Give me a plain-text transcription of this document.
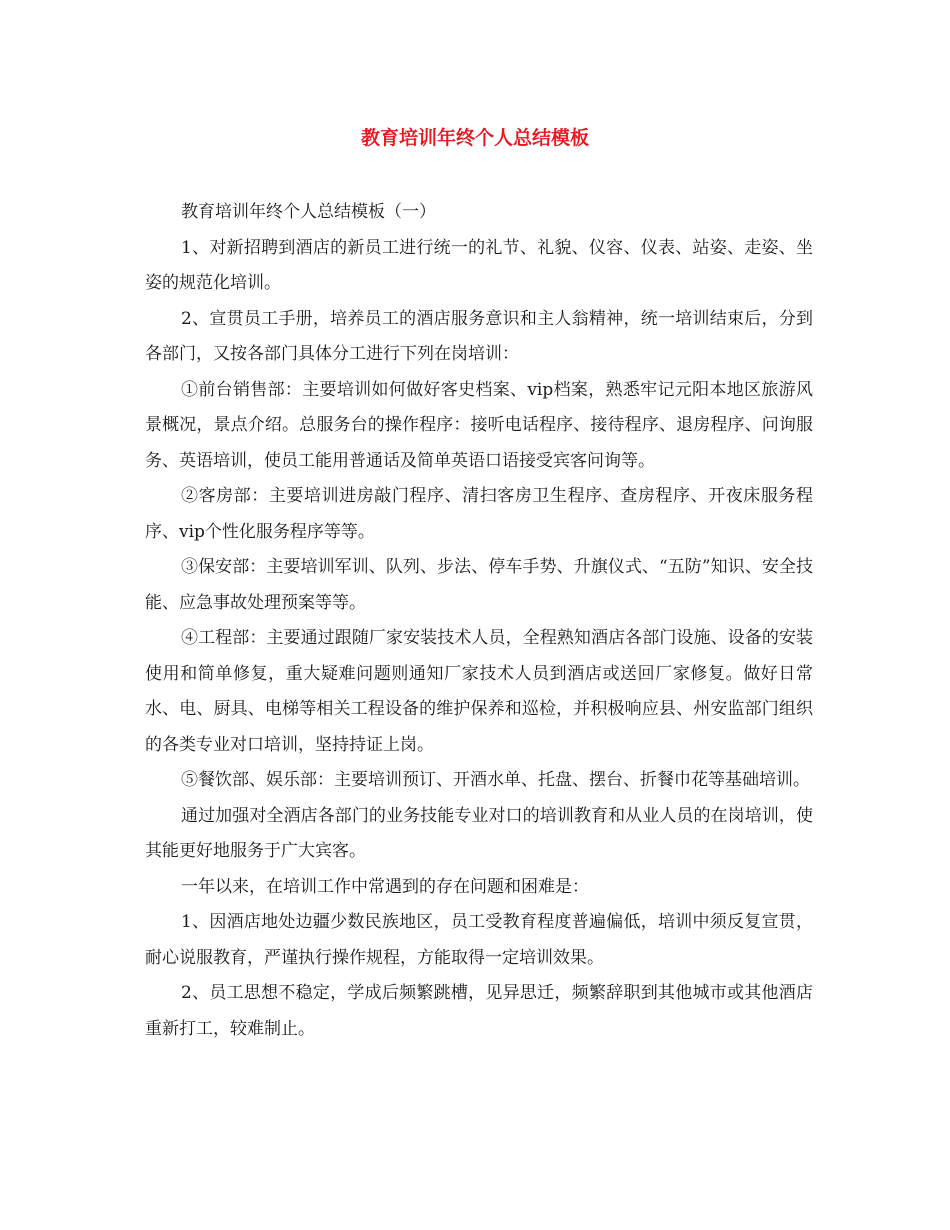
教育培训年终个人总结模板

教育培训年终个人总结模板（一）

1、对新招聘到酒店的新员工进行统一的礼节、礼貌、仪容、仪表、站姿、走姿、坐姿的规范化培训。

2、宣贯员工手册，培养员工的酒店服务意识和主人翁精神，统一培训结束后，分到各部门，又按各部门具体分工进行下列在岗培训：

①前台销售部：主要培训如何做好客史档案、vip档案，熟悉牢记元阳本地区旅游风景概况，景点介绍。总服务台的操作程序：接听电话程序、接待程序、退房程序、问询服务、英语培训，使员工能用普通话及简单英语口语接受宾客问询等。

②客房部：主要培训进房敲门程序、清扫客房卫生程序、查房程序、开夜床服务程序、vip个性化服务程序等等。

③保安部：主要培训军训、队列、步法、停车手势、升旗仪式、“五防”知识、安全技能、应急事故处理预案等等。

④工程部：主要通过跟随厂家安装技术人员，全程熟知酒店各部门设施、设备的安装使用和简单修复，重大疑难问题则通知厂家技术人员到酒店或送回厂家修复。做好日常水、电、厨具、电梯等相关工程设备的维护保养和巡检，并积极响应县、州安监部门组织的各类专业对口培训，坚持持证上岗。

⑤餐饮部、娱乐部：主要培训预订、开酒水单、托盘、摆台、折餐巾花等基础培训。

通过加强对全酒店各部门的业务技能专业对口的培训教育和从业人员的在岗培训，使其能更好地服务于广大宾客。

一年以来，在培训工作中常遇到的存在问题和困难是：

1、因酒店地处边疆少数民族地区，员工受教育程度普遍偏低，培训中须反复宣贯，耐心说服教育，严谨执行操作规程，方能取得一定培训效果。

2、员工思想不稳定，学成后频繁跳槽，见异思迁，频繁辞职到其他城市或其他酒店重新打工，较难制止。
